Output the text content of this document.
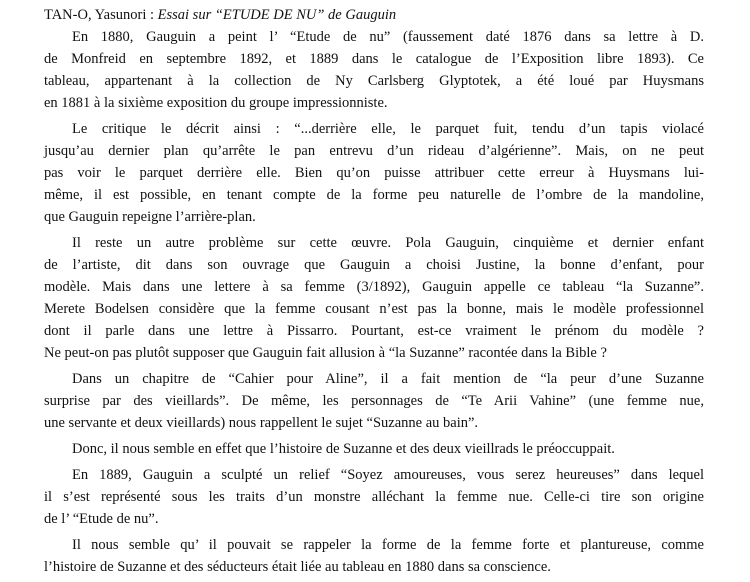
TAN-O, Yasunori : Essai sur “ETUDE DE NU” de Gauguin

En 1880, Gauguin a peint l’ “Etude de nu” (faussement daté 1876 dans sa lettre à D.
de Monfreid en septembre 1892, et 1889 dans le catalogue de l’Exposition libre 1893). Ce
tableau, appartenant à la collection de Ny Carlsberg Glyptotek, a été loué par Huysmans
en 1881 à la sixième exposition du groupe impressionniste.

Le critique le décrit ainsi : “...derrière elle, le parquet fuit, tendu d’un tapis violacé
jusqu’au dernier plan qu’arrête le pan entrevu d’un rideau d’algérienne”. Mais, on ne peut
pas voir le parquet derrière elle. Bien qu’on puisse attribuer cette erreur à Huysmans lui-
même, il est possible, en tenant compte de la forme peu naturelle de l’ombre de la mandoline,
que Gauguin repeigne l’arrière-plan.

Il reste un autre problème sur cette œuvre. Pola Gauguin, cinquième et dernier enfant
de l’artiste, dit dans son ouvrage que Gauguin a choisi Justine, la bonne d’enfant, pour
modèle. Mais dans une lettere à sa femme (3/1892), Gauguin appelle ce tableau “la Suzanne”.
Merete Bodelsen considère que la femme cousant n’est pas la bonne, mais le modèle professionnel
dont il parle dans une lettre à Pissarro. Pourtant, est-ce vraiment le prénom du modèle ?
Ne peut-on pas plutôt supposer que Gauguin fait allusion à “la Suzanne” racontée dans la Bible ?

Dans un chapitre de “Cahier pour Aline”, il a fait mention de “la peur d’une Suzanne
surprise par des vieillards”. De même, les personnages de “Te Arii Vahine” (une femme nue,
une servante et deux vieillards) nous rappellent le sujet “Suzanne au bain”.

Donc, il nous semble en effet que l’histoire de Suzanne et des deux vieillrads le préoccuppait.

En 1889, Gauguin a sculpté un relief “Soyez amoureuses, vous serez heureuses” dans lequel
il s’est représenté sous les traits d’un monstre alléchant la femme nue. Celle-ci tire son origine
de l’ “Etude de nu”.

Il nous semble qu’ il pouvait se rappeler la forme de la femme forte et plantureuse, comme
l’histoire de Suzanne et des séducteurs était liée au tableau en 1880 dans sa conscience.
